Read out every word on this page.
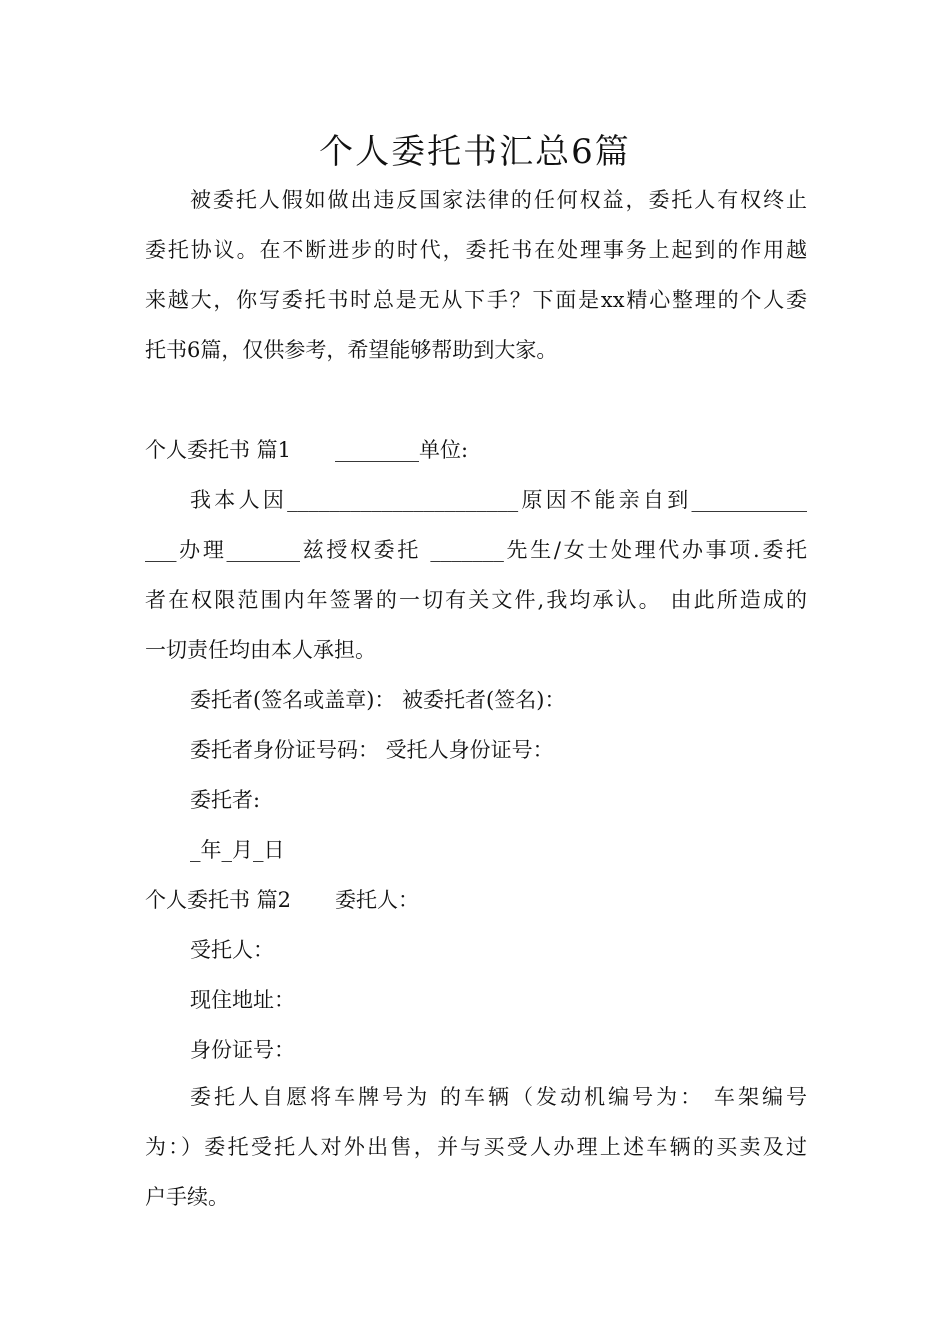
个人委托书汇总6篇

被委托人假如做出违反国家法律的任何权益，委托人有权终止

委托协议。在不断进步的时代，委托书在处理事务上起到的作用越

来越大，你写委托书时总是无从下手？下面是xx精心整理的个人委

托书6篇，仅供参考，希望能够帮助到大家。

个人委托书 篇1 ________单位:

我本人因______________________原因不能亲自到___________

___办理_______兹授权委托 _______先生/女士处理代办事项.委托

者在权限范围内年签署的一切有关文件,我均承认。 由此所造成的

一切责任均由本人承担。

委托者(签名或盖章)： 被委托者(签名)：

委托者身份证号码： 受托人身份证号：

委托者:

_年_月_日

个人委托书 篇2 委托人：

受托人：

现住地址：

身份证号：

委托人自愿将车牌号为 的车辆（发动机编号为： 车架编号

为：）委托受托人对外出售，并与买受人办理上述车辆的买卖及过

户手续。
